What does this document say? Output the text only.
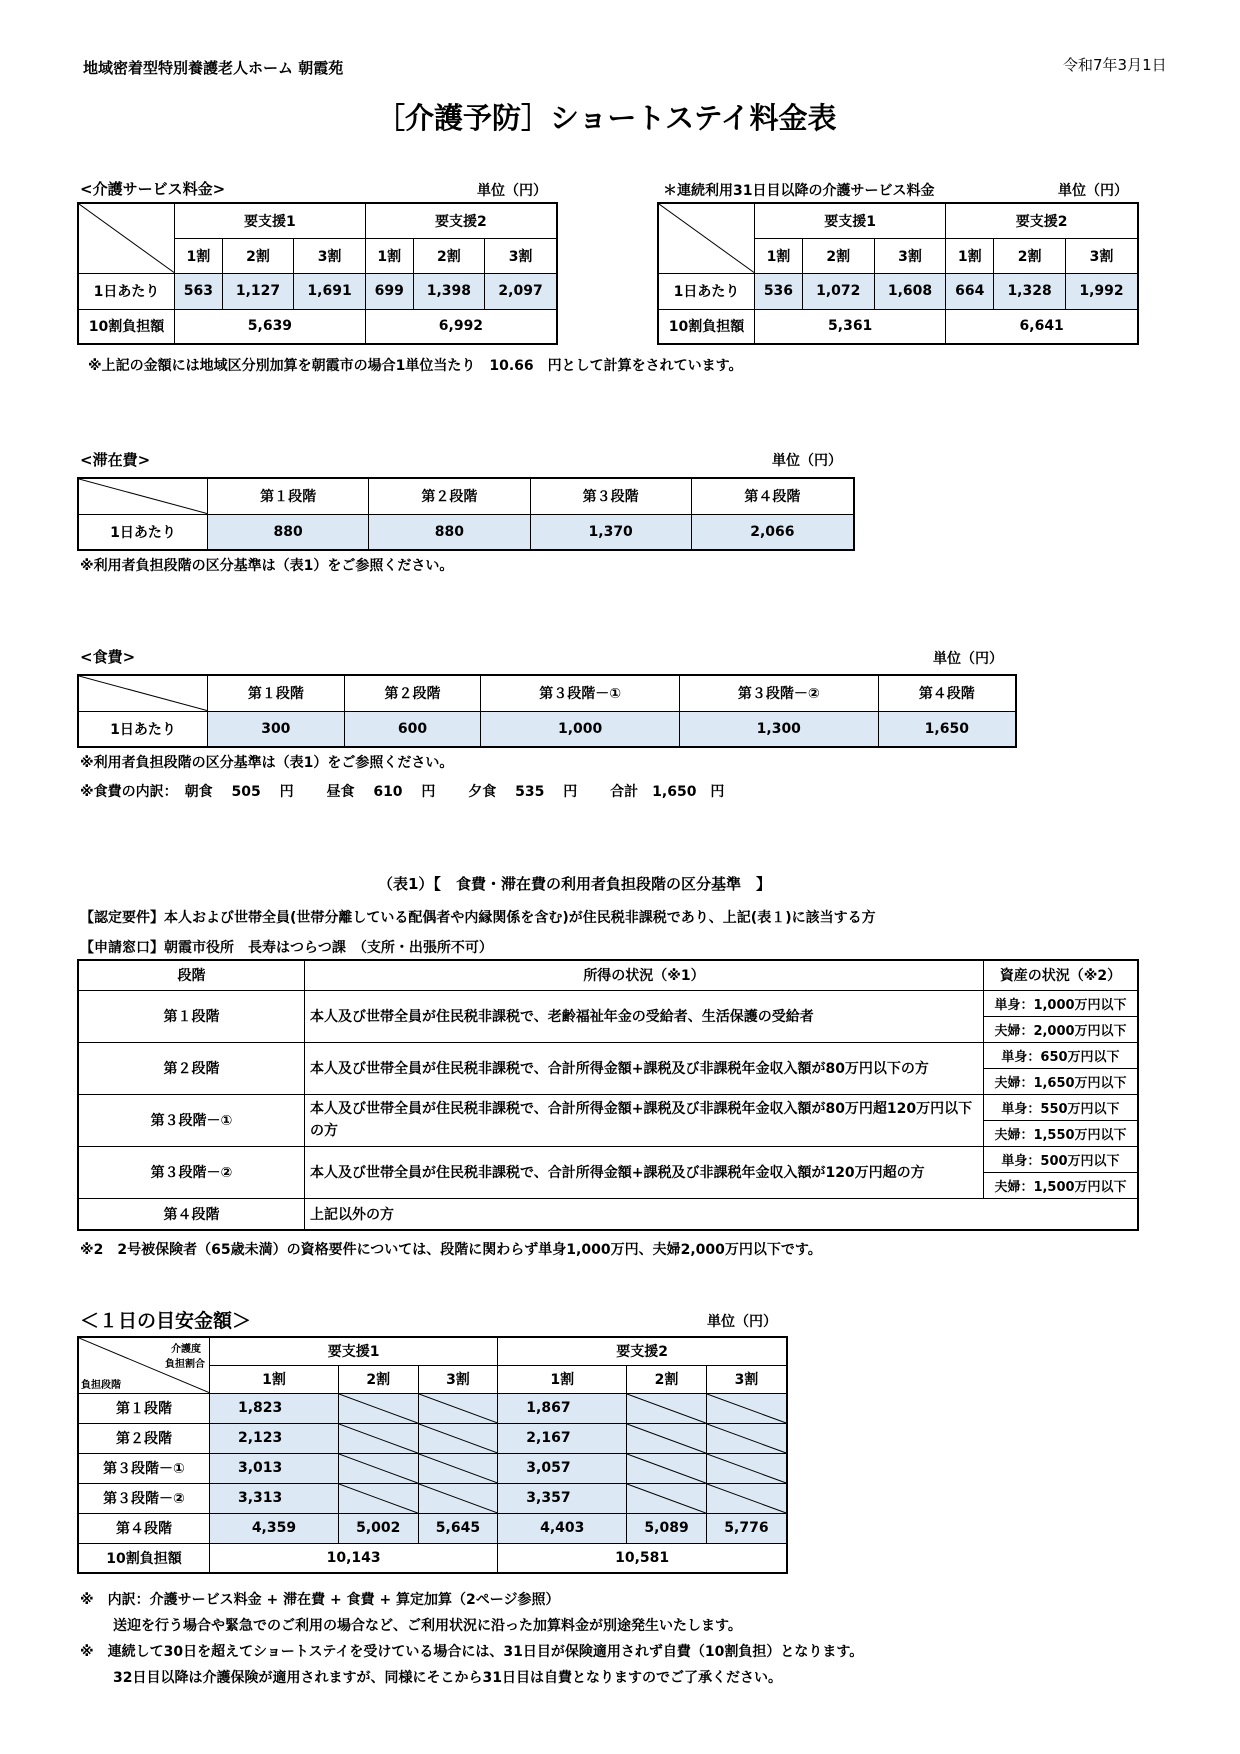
地域密着型特別養護老人ホーム 朝霞苑	令和7年3月1日
［介護予防］ショートステイ料金表
<介護サービス料金>	単位（円）
	要支援1			要支援2		
	1割	2割	3割	1割	2割	3割
1日あたり	563	1,127	1,691	699	1,398	2,097
10割負担額	5,639			6,992		
＊連続利用31日目以降の介護サービス料金	単位（円）
	要支援1			要支援2		
	1割	2割	3割	1割	2割	3割
1日あたり	536	1,072	1,608	664	1,328	1,992
10割負担額	5,361			6,641		
※上記の金額には地域区分別加算を朝霞市の場合1単位当たり　10.66　円として計算をされています。
<滞在費>	単位（円）
	第１段階	第２段階	第３段階	第４段階
1日あたり	880	880	1,370	2,066
※利用者負担段階の区分基準は（表1）をご参照ください。
<食費>	単位（円）
	第１段階	第２段階	第３段階－①	第３段階－②	第４段階
1日あたり	300	600	1,000	1,300	1,650
※利用者負担段階の区分基準は（表1）をご参照ください。
※食費の内訳：　朝食　 505　 円　　 昼食　 610　 円　　 夕食　 535　 円　　 合計　1,650　円
（表1）【　食費・滞在費の利用者負担段階の区分基準　】
【認定要件】本人および世帯全員(世帯分離している配偶者や内縁関係を含む)が住民税非課税であり、上記(表１)に該当する方
【申請窓口】朝霞市役所　長寿はつらつ課　（支所・出張所不可）
段階	所得の状況（※1）	資産の状況（※2）
第１段階	本人及び世帯全員が住民税非課税で、老齢福祉年金の受給者、生活保護の受給者	単身：1,000万円以下
		夫婦：2,000万円以下
第２段階	本人及び世帯全員が住民税非課税で、合計所得金額+課税及び非課税年金収入額が80万円以下の方	単身：650万円以下
		夫婦：1,650万円以下
第３段階－①	本人及び世帯全員が住民税非課税で、合計所得金額+課税及び非課税年金収入額が80万円超120万円以下の方	単身：550万円以下
		夫婦：1,550万円以下
第３段階－②	本人及び世帯全員が住民税非課税で、合計所得金額+課税及び非課税年金収入額が120万円超の方	単身：500万円以下
		夫婦：1,500万円以下
第４段階	上記以外の方	
※2　2号被保険者（65歳未満）の資格要件については、段階に関わらず単身1,000万円、夫婦2,000万円以下です。
＜１日の目安金額＞	単位（円）
介護度
負担割合
負担段階	要支援1			要支援2		
	1割	2割	3割	1割	2割	3割
第１段階	1,823			1,867	

第２段階	2,123			2,167	

第３段階－①	3,013			3,057	

第３段階－②	3,313			3,357	

第４段階	4,359	5,002	5,645	4,403	5,089	5,776
10割負担額	10,143			10,581		
※　内訳：介護サービス料金 + 滞在費 + 食費 + 算定加算（2ページ参照）
送迎を行う場合や緊急でのご利用の場合など、ご利用状況に沿った加算料金が別途発生いたします。
※　連続して30日を超えてショートステイを受けている場合には、31日目が保険適用されず自費（10割負担）となります。
32日目以降は介護保険が適用されますが、同様にそこから31日目は自費となりますのでご了承ください。
